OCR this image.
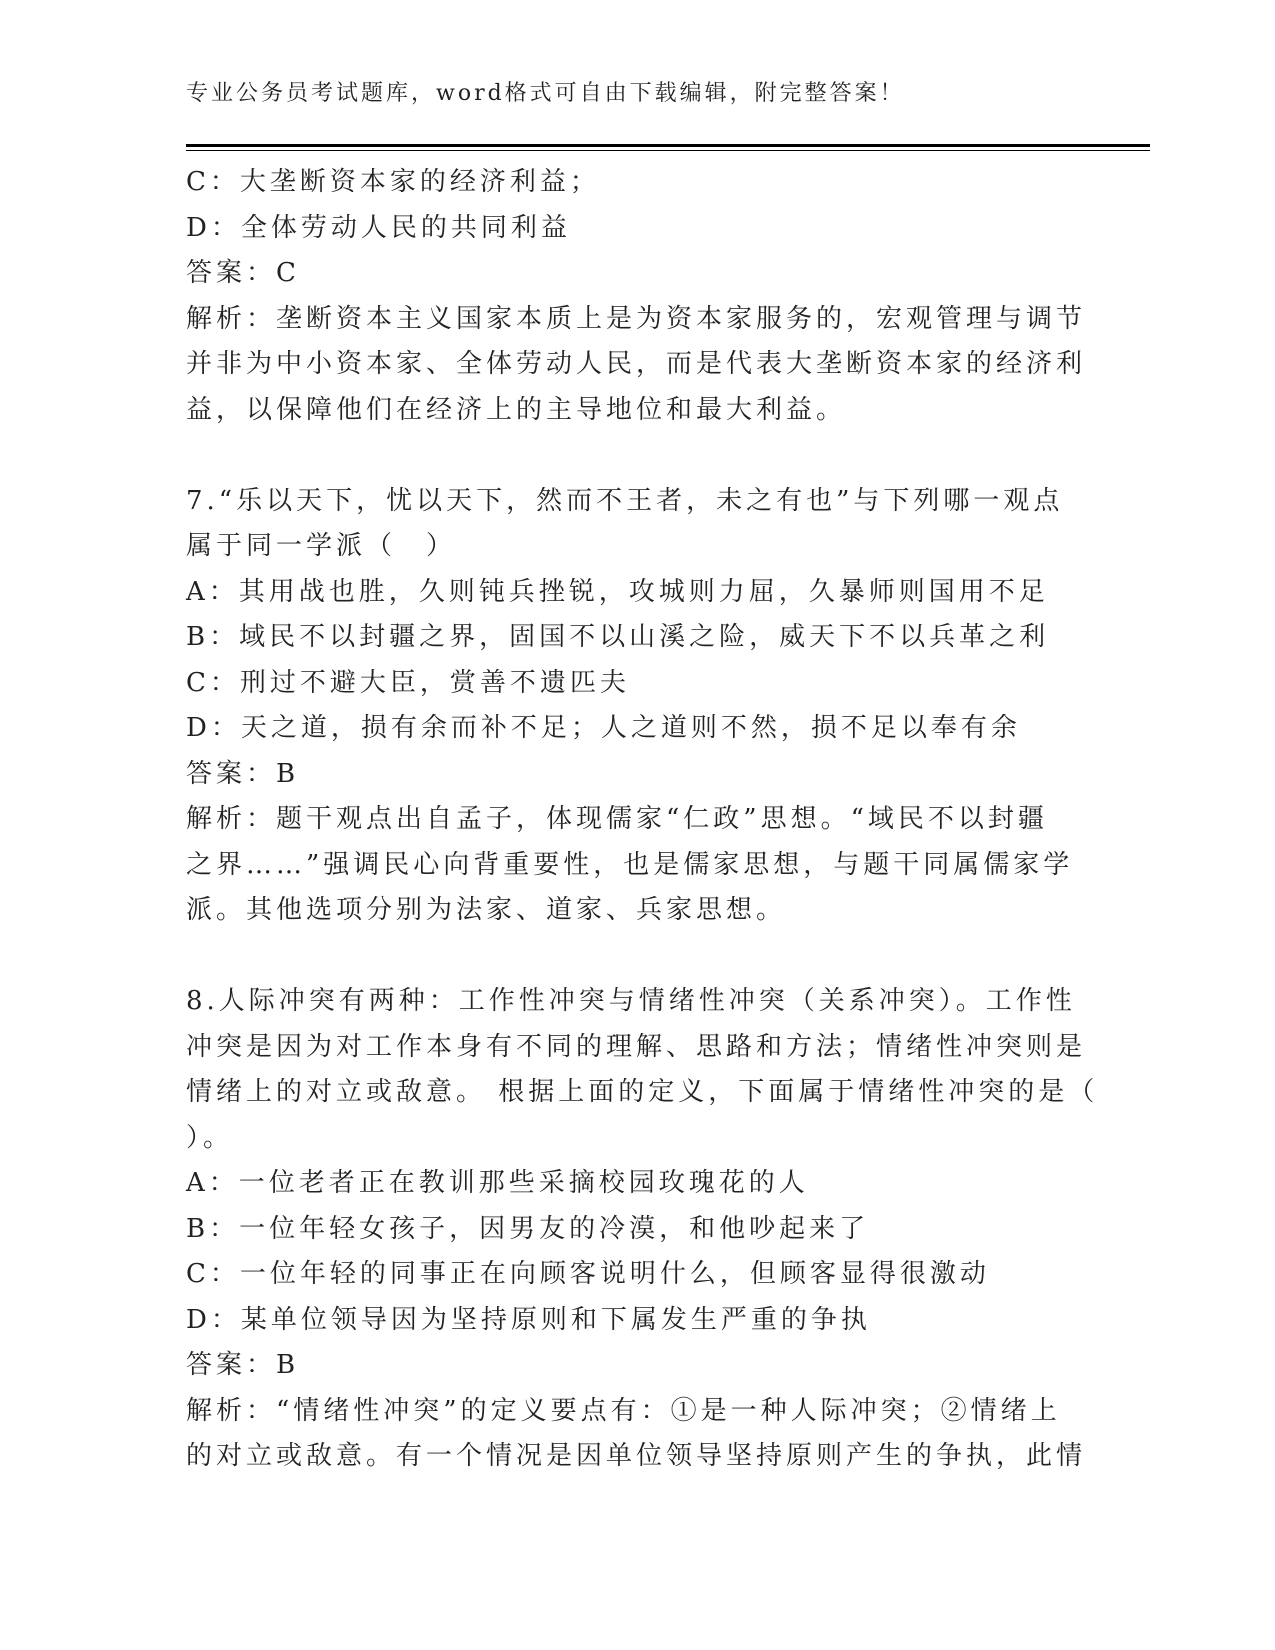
专业公务员考试题库，word格式可自由下载编辑，附完整答案！
C：大垄断资本家的经济利益；
D：全体劳动人民的共同利益
答案：C
解析：垄断资本主义国家本质上是为资本家服务的，宏观管理与调节
并非为中小资本家、全体劳动人民，而是代表大垄断资本家的经济利
益，以保障他们在经济上的主导地位和最大利益。
7.“乐以天下，忧以天下，然而不王者，未之有也”与下列哪一观点
属于同一学派（　）
A：其用战也胜，久则钝兵挫锐，攻城则力屈，久暴师则国用不足
B：域民不以封疆之界，固国不以山溪之险，威天下不以兵革之利
C：刑过不避大臣，赏善不遗匹夫
D：天之道，损有余而补不足；人之道则不然，损不足以奉有余
答案：B
解析：题干观点出自孟子，体现儒家“仁政”思想。“域民不以封疆
之界……”强调民心向背重要性，也是儒家思想，与题干同属儒家学
派。其他选项分别为法家、道家、兵家思想。
8.人际冲突有两种：工作性冲突与情绪性冲突（关系冲突）。工作性
冲突是因为对工作本身有不同的理解、思路和方法；情绪性冲突则是
情绪上的对立或敌意。 根据上面的定义，下面属于情绪性冲突的是（
）。
A：一位老者正在教训那些采摘校园玫瑰花的人
B：一位年轻女孩子，因男友的冷漠，和他吵起来了
C：一位年轻的同事正在向顾客说明什么，但顾客显得很激动
D：某单位领导因为坚持原则和下属发生严重的争执
答案：B
解析：“情绪性冲突”的定义要点有：①是一种人际冲突；②情绪上
的对立或敌意。有一个情况是因单位领导坚持原则产生的争执，此情
